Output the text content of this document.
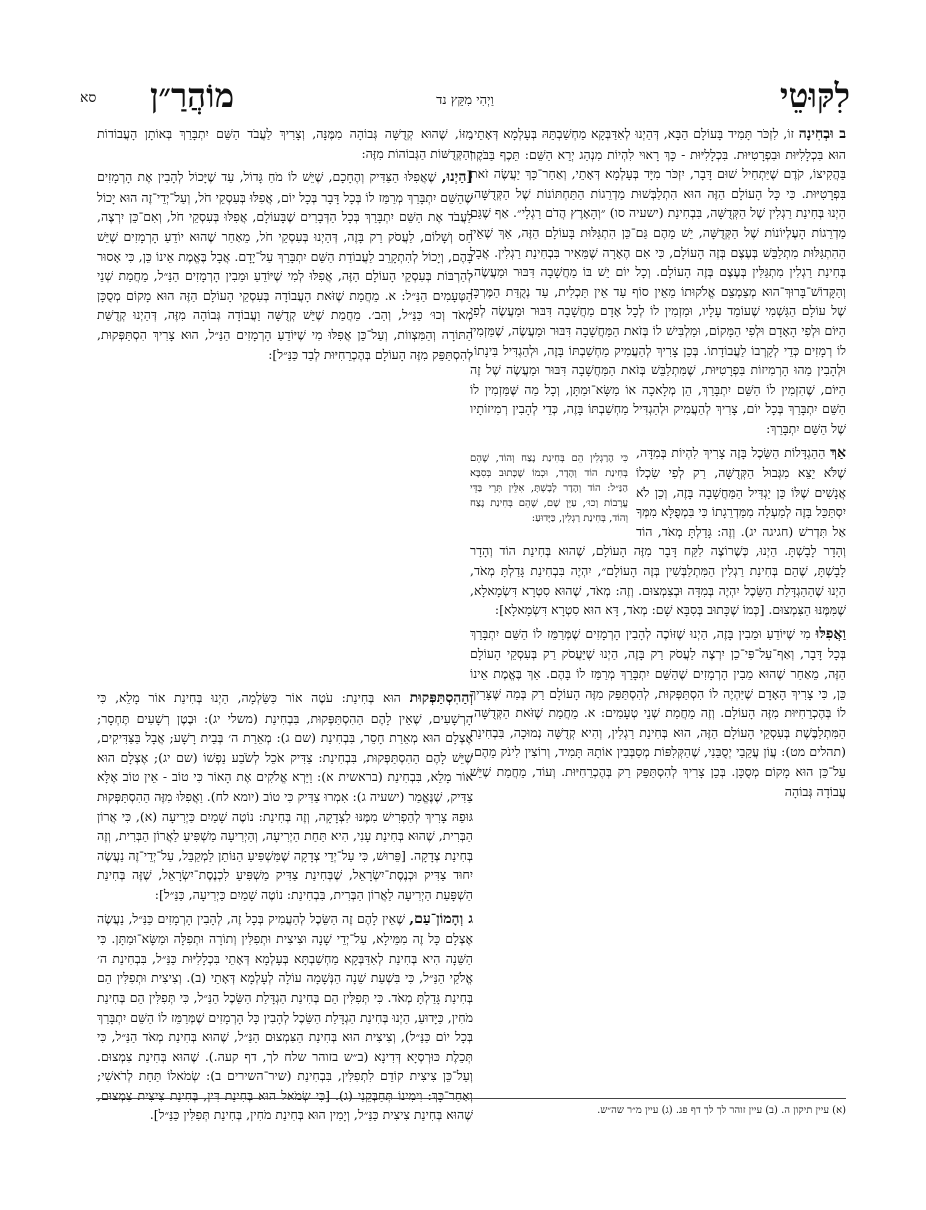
לִקּוּטֵי
וַיְהִי מִקֵּץ נד
מוֹהֲרַ״ן
סא

ב וּבְחִינָה זוֹ, לִזְכֹּר תָּמִיד בָּעוֹלָם הַבָּא, דְּהַיְנוּ לְאִדַּבְּקָא מַחְשַׁבְתֵּהּ בְּעָלְמָא דְּאָתֵי, הוּא בִּכְלָלִיּוּת וּבִפְרָטִיּוּת. בִּכְלָלִיּוּת - כָּךְ רָאוּי לִהְיוֹת מִנְהַג יְרֵא הַשֵּׁם: תֵּכֶף בַּבֹּקֶר בַּהֲקִיצוֹ, קֹדֶם שֶׁיַּתְחִיל שׁוּם דָּבָר, יִזְכֹּר מִיָּד בְּעָלְמָא דְּאָתֵי, וְאַחַר־כָּךְ יַעֲשֶׂה זֹאת בִּפְרָטִיּוּת. כִּי כָּל הָעוֹלָם הַזֶּה הוּא הִתְלַבְּשׁוּת מַדְרֵגוֹת הַתַּחְתּוֹנוֹת שֶׁל הַקְּדֻשָּׁה, הַיְנוּ בְּחִינַת רַגְלִין שֶׁל הַקְּדֻשָּׁה, בִּבְחִינַת (ישעיה סו) ״וְהָאָרֶץ הֲדֹם רַגְלָי״. אַף שֶׁגַּם מַדְרֵגוֹת הָעֶלְיוֹנוֹת שֶׁל הַקְּדֻשָּׁה, יֵשׁ מֵהֶם גַּם־כֵּן הִתְגַּלּוּת בָּעוֹלָם הַזֶּה, אַךְ שֶׁאֵין הַהִתְגַּלּוּת מִתְלַבֵּשׁ בְּעֶצֶם בְּזֶה הָעוֹלָם, כִּי אִם הֶאָרָה שֶׁמֵּאִיר בִּבְחִינַת רַגְלִין. אֲבָל בְּחִינַת רַגְלִין מִתְגַּלִּין בְּעֶצֶם בְּזֶה הָעוֹלָם. וְכָל יוֹם יֵשׁ בּוֹ מַחֲשָׁבָה דִּבּוּר וּמַעֲשֶׂה, וְהַקָּדוֹשׁ־בָּרוּךְ־הוּא מְצַמְצֵם אֱלֹקוּתוֹ מֵאֵין סוֹף עַד אֵין תַּכְלִית, עַד נְקֻדַּת הַמֶּרְכָּז שֶׁל עוֹלָם הַגַּשְׁמִי שֶׁעוֹמֵד עָלָיו, וּמַזְמִין לוֹ לְכָל אָדָם מַחֲשָׁבָה דִּבּוּר וּמַעֲשֶׂה לְפִי הַיּוֹם וּלְפִי הָאָדָם וּלְפִי הַמָּקוֹם, וּמַלְבִּישׁ לוֹ בְּזֹאת הַמַּחֲשָׁבָה דִּבּוּר וּמַעֲשֶׂה, שֶׁמַּזְמִין לוֹ רְמָזִים כְּדֵי לְקָרְבוֹ לַעֲבוֹדָתוֹ. בְּכֵן צָרִיךְ לְהַעֲמִיק מַחְשַׁבְתּוֹ בָּזֶה, וּלְהַגְדִּיל בִּינָתוֹ, וּלְהָבִין מַהוּ הָרְמִיזוֹת בִּפְרָטִיּוּת, שֶׁמִּתְלַבֵּשׁ בְּזֹאת הַמַּחֲשָׁבָה דִּבּוּר וּמַעֲשֶׂה שֶׁל זֶה הַיּוֹם, שֶׁהִזְמִין לוֹ הַשֵּׁם יִתְבָּרַךְ, הֵן מְלָאכָה אוֹ מַשָּׂא־וּמַתָּן, וְכָל מַה שֶּׁמַּזְמִין לוֹ הַשֵּׁם יִתְבָּרַךְ בְּכָל יוֹם, צָרִיךְ לְהַעֲמִיק וּלְהַגְדִּיל מַחְשַׁבְתּוֹ בָּזֶה, כְּדֵי לְהָבִין רְמִיזוֹתָיו שֶׁל הַשֵּׁם יִתְבָּרַךְ:

אַךְ
כִּי הָרַגְלִין הֵם בְּחִינַת נֶצַח וְהוֹד, שֶׁהֵם בְּחִינַת הוֹד וְהָדָר, וּכְמוֹ שֶׁכָּתוּב בְּסִבָּא הַנַּ״ל: הוֹד וְהָדָר לָבָשְׁתָּ, אִלֵּין תְּרֵי בַּדֵּי עֲרָבוֹת וְכוּ׳, עַיֵּן שָׁם, שֶׁהֵם בְּחִינַת נֶצַח וְהוֹד, בְּחִינַת רַגְלִין, כַּיָּדוּעַ:
הַהַגְדָּלוֹת הַשֵּׂכֶל בָּזֶה צָרִיךְ לִהְיוֹת בְּמִדָּה, שֶׁלֹּא יֵצֵא מִגְּבוּל הַקְּדֻשָּׁה, רַק לְפִי שִׂכְלוֹ אֲנָשִׁים שֶׁלּוֹ כֵּן יַגְדִּיל הַמַּחֲשָׁבָה בָּזֶה, וְכֵן לֹא יִסְתַּכֵּל בָּזֶה לְמַעְלָה מִמַּדְרֵגָתוֹ כִּי בִּמְפֻלָּא מִמְּךָ אַל תִּדְרשׁ (חגיגה יג). וְזֶה: גָּדַלְתָּ מְאֹד, הוֹד וְהָדָר לָבָשְׁתָּ. הַיְנוּ, כְּשֶׁרוֹצֶה לִקַּח דָּבָר מִזֶּה הָעוֹלָם, שֶׁהוּא בְּחִינַת הוֹד וְהָדָר לָבָשְׁתָּ, שֶׁהֵם בְּחִינַת רַגְלִין הַמִּתְלַבְּשִׁין בְּזֶה הָעוֹלָם״, יִהְיֶה בִּבְחִינַת גָּדַלְתָּ מְאֹד, הַיְנוּ שֶׁהַהַגְדָּלַת הַשֵּׂכֶל יִהְיֶה בְּמִדָּה וּבְצִמְצוּם. וְזֶה: מְאֹד, שֶׁהוּא סִטְרָא דִּשְׂמָאלָא, שֶׁמִּמֶּנּוּ הַצִּמְצוּם. [כְּמוֹ שֶׁכָּתוּב בְּסִבָּא שָׁם: מְאֹד, דָּא הוּא סִטְרָא דִּשְׂמָאלָא]:

וַאֲפִלּוּ מִי שֶׁיּוֹדֵעַ וּמֵבִין בָּזֶה, הַיְנוּ שֶׁזּוֹכֶה לְהָבִין הָרְמָזִים שֶׁמְּרַמֵּז לוֹ הַשֵּׁם יִתְבָּרַךְ בְּכָל דָּבָר, וְאַף־עַל־פִּי־כֵן יִרְצֶה לַעֲסֹק רַק בָּזֶה, הַיְנוּ שֶׁיַּעֲסֹק רַק בְּעִסְקֵי הָעוֹלָם הַזֶּה, מֵאַחַר שֶׁהוּא מֵבִין הָרְמָזִים שֶׁהַשֵּׁם יִתְבָּרַךְ מְרַמֵּז לוֹ בָּהֶם. אַךְ בֶּאֱמֶת אֵינוֹ כֵּן, כִּי צָרִיךְ הָאָדָם שֶׁיִּהְיֶה לוֹ הִסְתַּפְּקוּת, לְהִסְתַּפֵּק מִזֶּה הָעוֹלָם רַק בְּמַה שֶּׁצָּרִיךְ לוֹ בְּהֶכְרֵחִיּוּת מִזֶּה הָעוֹלָם. וְזֶה מֵחֲמַת שְׁנֵי טְעָמִים: א. מֵחֲמַת שֶׁזֹּאת הַקְּדֻשָּׁה, הַמִּתְלַבֶּשֶׁת בְּעִסְקֵי הָעוֹלָם הַזֶּה, הוּא בְּחִינַת רַגְלִין, וְהִיא קְדֻשָּׁה נְמוּכָה, בִּבְחִינַת (תהלים מט): עֲוֹן עֲקֵבַי יְסֻבֵּנִי, שֶׁהַקְּלִפּוֹת מְסַבְּבִין אוֹתָהּ תָּמִיד, וְרוֹצִין לִינֹק מֵהֶם, עַל־כֵּן הוּא מָקוֹם מְסֻכָּן. בְּכֵן צָרִיךְ לְהִסְתַּפֵּק רַק בְּהֶכְרֵחִיּוּת. וְעוֹד, מֵחֲמַת שֶׁיֵּשׁ עֲבוֹדָה גְּבוֹהָה

מִזּוֹ, שֶׁהוּא קְדֻשָּׁה גְּבוֹהָה מִמֶּנָּה, וְצָרִיךְ לַעֲבֹד הַשֵּׁם יִתְבָּרַךְ בְּאוֹתָן הָעֲבוֹדוֹת וְהַקְּדֻשּׁוֹת הַגְּבוֹהוֹת מִזֶּה:

[הַיְנוּ, שֶׁאֲפִלּוּ הַצַּדִּיק וְהֶחָכָם, שֶׁיֵּשׁ לוֹ מֹחַ גָּדוֹל, עַד שֶׁיָּכוֹל לְהָבִין אֶת הָרְמָזִים שֶׁהַשֵּׁם יִתְבָּרַךְ מְרַמֵּז לוֹ בְּכָל דָּבָר בְּכָל יוֹם, אֲפִלּוּ בְּעִסְקֵי חֹל, וְעַל־יְדֵי־זֶה הוּא יָכוֹל לַעֲבֹד אֶת הַשֵּׁם יִתְבָּרַךְ בְּכָל הַדְּבָרִים שֶׁבָּעוֹלָם, אֲפִלּוּ בְּעִסְקֵי חֹל, וְאִם־כֵּן יִרְצֶה, חַס וְשָׁלוֹם, לַעֲסֹק רַק בָּזֶה, דְּהַיְנוּ בְּעִסְקֵי חֹל, מֵאַחַר שֶׁהוּא יוֹדֵעַ הָרְמָזִים שֶׁיֵּשׁ בָּהֶם, וְיָכוֹל לְהִתְקָרֵב לַעֲבוֹדַת הַשֵּׁם יִתְבָּרַךְ עַל־יָדָם. אֲבָל בֶּאֱמֶת אֵינוֹ כֵּן, כִּי אָסוּר לְהַרְבּוֹת בְּעִסְקֵי הָעוֹלָם הַזֶּה, אֲפִלּוּ לְמִי שֶׁיּוֹדֵעַ וּמֵבִין הָרְמָזִים הַנַּ״ל, מֵחֲמַת שְׁנֵי הַטְּעָמִים הַנַּ״ל: א. מֵחֲמַת שֶׁזֹּאת הָעֲבוֹדָה בְּעִסְקֵי הָעוֹלָם הַזֶּה הוּא מָקוֹם מְסֻכָּן מְאֹד וְכוּ׳ כַּנַּ״ל, וְהַב׳. מֵחֲמַת שֶׁיֵּשׁ קְדֻשָּׁה וַעֲבוֹדָה גְּבוֹהָה מִזֶּה, דְּהַיְנוּ קְדֻשַּׁת הַתּוֹרָה וְהַמִּצְווֹת, וְעַל־כֵּן אֲפִלּוּ מִי שֶׁיּוֹדֵעַ הָרְמָזִים הַנַּ״ל, הוּא צָרִיךְ הִסְתַּפְּקוּת, לְהִסְתַּפֵּק מִזֶּה הָעוֹלָם בְּהֶכְרֵחִיּוּת לְבַד כַּנַּ״ל]:

וְהַהִסְתַּפְּקוּת הוּא בְּחִינַת: עֹטֶה אוֹר כַּשַּׂלְמָה, הַיְנוּ בְּחִינַת אוֹר מָלֵא, כִּי הָרְשָׁעִים, שֶׁאֵין לָהֶם הַהִסְתַּפְּקוּת, בִּבְחִינַת (משלי יג): וּבֶטֶן רְשָׁעִים תֶּחְסָר; אֶצְלָם הוּא מְאֵרַת חָסֵר, בִּבְחִינַת (שם ג): מְאֵרַת ה׳ בְּבֵית רָשָׁע; אֲבָל בַּצַּדִּיקִים, שֶׁיֵּשׁ לָהֶם הַהִסְתַּפְּקוּת, בִּבְחִינַת: צַדִּיק אֹכֵל לְשֹׂבַע נַפְשׁוֹ (שם יג); אֶצְלָם הוּא אוֹר מָלֵא, בִּבְחִינַת (בראשית א): וַיַּרְא אֱלֹקִים אֶת הָאוֹר כִּי טוֹב - אֵין טוֹב אֶלָּא צַדִּיק, שֶׁנֶּאֱמַר (ישעיה ג): אִמְרוּ צַדִּיק כִּי טוֹב (יומא לח). וַאֲפִלּוּ מִזֶּה הַהִסְתַּפְּקוּת גּוּפֵהּ צָרִיךְ לְהַפְרִישׁ מִמֶּנּוּ לִצְדָקָה, וְזֶה בְּחִינַת: נוֹטֶה שָׁמַיִם כַּיְרִיעָה (א), כִּי אֲרוֹן הַבְּרִית, שֶׁהוּא בְּחִינַת עָנִי, הִיא תַּחַת הַיְרִיעָה, וְהַיְרִיעָה מַשְׁפִּיעַ לַאֲרוֹן הַבְּרִית, וְזֶה בְּחִינַת צְדָקָה. [פֵּרוּשׁ, כִּי עַל־יְדֵי צְדָקָה שֶׁמַּשְׁפִּיעַ הַנּוֹתֵן לַמְקַבֵּל, עַל־יְדֵי־זֶה נַעֲשֶׂה יִחוּד צַדִּיק וּכְנֶסֶת־יִשְׂרָאֵל, שֶׁבְּחִינַת צַדִּיק מַשְׁפִּיעַ לִכְנֶסֶת־יִשְׂרָאֵל, שֶׁזֶּה בְּחִינַת הַשְׁפָּעַת הַיְרִיעָה לַאֲרוֹן הַבְּרִית, בִּבְחִינַת: נוֹטֶה שָׁמַיִם כַּיְרִיעָה, כַּנַּ״ל]:

ג וְהָמוֹן־עַם, שֶׁאֵין לָהֶם זֶה הַשֵּׂכֶל לְהַעֲמִיק בְּכָל זֶה, לְהָבִין הָרְמָזִים כַּנַּ״ל, נַעֲשֶׂה אֶצְלָם כָּל זֶה מִמֵּילָא, עַל־יְדֵי שָׁנָה וּצִיצִית וּתְפִלִּין וְתוֹרָה וּתְפִלָּה וּמַשָּׂא־וּמַתָּן. כִּי הַשֵּׁנָה הִיא בְּחִינַת לְאִדַּבְּקָא מַחְשַׁבְתָּא בְּעָלְמָא דְּאָתֵי בִּכְלָלִיּוּת כַּנַּ״ל, בִּבְחִינַת ה׳ אֱלֹקַי הַנַּ״ל, כִּי בִּשְׁעַת שֵׁנָה הַנְּשָׁמָה עוֹלָה לְעָלְמָא דְּאָתֵי (ב). וְצִיצִית וּתְפִלִּין הֵם בְּחִינַת גָּדַלְתָּ מְאֹד. כִּי תְּפִלִּין הֵם בְּחִינַת הַגְדָּלַת הַשֵּׂכֶל הַנַּ״ל, כִּי תְּפִלִּין הֵם בְּחִינַת מֹחִין, כַּיָּדוּעַ, הַיְנוּ בְּחִינַת הַגְדָּלַת הַשֵּׂכֶל לְהָבִין כָּל הָרְמָזִים שֶׁמְּרַמֵּז לוֹ הַשֵּׁם יִתְבָּרַךְ בְּכָל יוֹם כַּנַּ״ל), וְצִיצִית הוּא בְּחִינַת הַצִּמְצוּם הַנַּ״ל, שֶׁהוּא בְּחִינַת מְאֹד הַנַּ״ל, כִּי תְּכֵלֶת כּוּרְסְיָא דְּדִינָא (ב״ש בזוהר שלח לך, דף קעה.). שֶׁהוּא בְּחִינַת צִמְצוּם. וְעַל־כֵּן צִיצִית קוֹדֵם לִתְפִלִּין, בִּבְחִינַת (שיר־השירים ב): שְׂמֹאלוֹ תַּחַת לְרֹאשִׁי; וְאַחַר־כָּךְ: וִימִינוֹ תְּחַבְּקֵנִי (ג). [כִּי שְׂמֹאל הוּא בְּחִינַת דִּין, בְּחִינַת צִיצִית צִמְצוּם, שֶׁהוּא בְּחִינַת צִיצִית כַּנַּ״ל, וְיָמִין הוּא בְּחִינַת מֹחִין, בְּחִינַת תְּפִלִּין כַּנַּ״ל].	(א) עיין תיקון ה. (ב) עיין זוהר לך לך דף פג. (ג) עיין מ״ר שה״ש.
